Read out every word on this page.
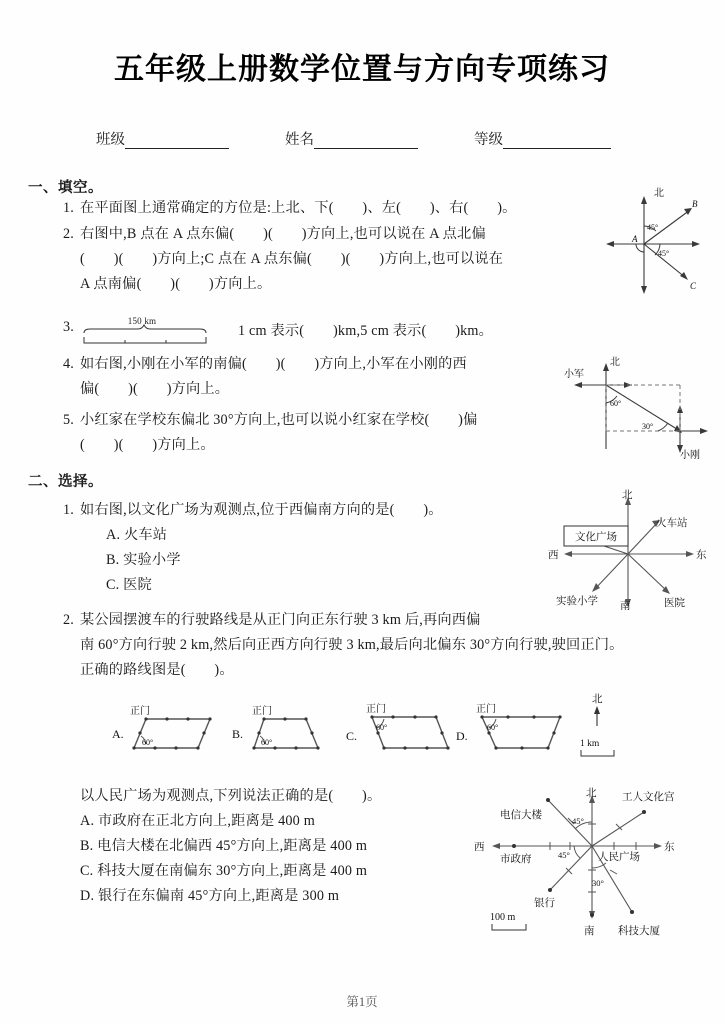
五年级上册数学位置与方向专项练习
班级	姓名	等级
一、填空。
1. 在平面图上通常确定的方位是:上北、下(　　)、左(　　)、右(　　)。
2. 右图中,B 点在 A 点东偏(　　)(　　)方向上,也可以说在 A 点北偏
(　　)(　　)方向上;C 点在 A 点东偏(　　)(　　)方向上,也可以说在
A 点南偏(　　)(　　)方向上。
3.	150 km
1 cm 表示(　　)km,5 cm 表示(　　)km。
4. 如右图,小刚在小军的南偏(　　)(　　)方向上,小军在小刚的西
偏(　　)(　　)方向上。
5. 小红家在学校东偏北 30°方向上,也可以说小红家在学校(　　)偏
(　　)(　　)方向上。
北
45°
45°
A
B
C
北
小军
小刚
60°
30°
二、选择。
1. 如右图,以文化广场为观测点,位于西偏南方向的是(　　)。
A. 火车站
B. 实验小学
C. 医院
文化广场
北
南
西	东
火车站
实验小学	医院
2. 某公园摆渡车的行驶路线是从正门向正东行驶 3 km 后,再向西偏
南 60°方向行驶 2 km,然后向正西方向行驶 3 km,最后向北偏东 30°方向行驶,驶回正门。
正确的路线图是(　　)。
正门
A.
60°
正门
B.
60°
正门
C.
60°
正门
D.
60°
北
1 km
以人民广场为观测点,下列说法正确的是(　　)。
A. 市政府在正北方向上,距离是 400 m
B. 电信大楼在北偏西 45°方向上,距离是 400 m
C. 科技大厦在南偏东 30°方向上,距离是 400 m
D. 银行在东偏南 45°方向上,距离是 300 m
北
南
西	东
工人文化宫
电信大楼
市政府
银行
科技大厦
人民广场
45°
45°
30°
100 m
第1页
